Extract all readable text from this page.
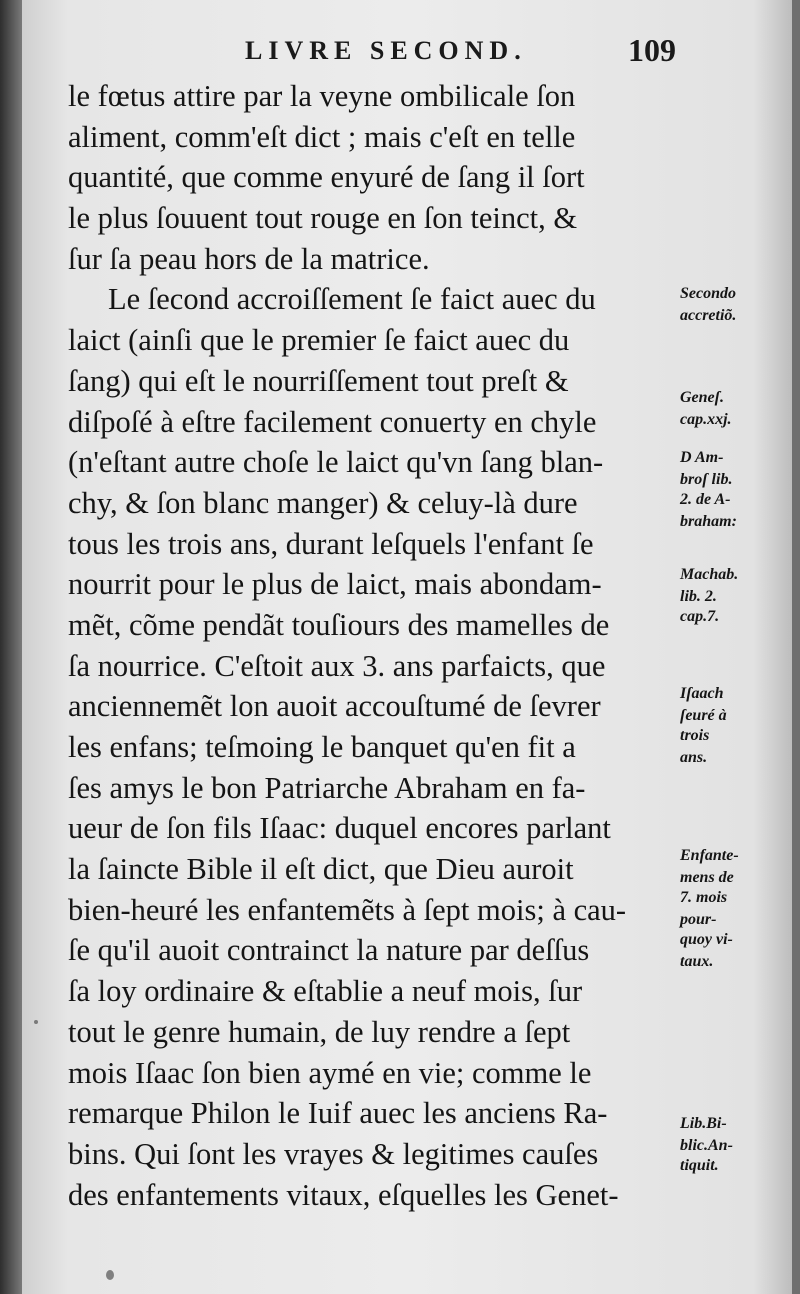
LIVRE SECOND.	109
le fœtus attire par la veyne ombilicale ſon
aliment, comm'eſt dict ; mais c'eſt en telle
quantité, que comme enyuré de ſang il ſort
le plus ſouuent tout rouge en ſon teinct, &
ſur ſa peau hors de la matrice.
Le ſecond accroiſſement ſe faict auec du
laict (ainſi que le premier ſe faict auec du
ſang) qui eſt le nourriſſement tout preſt &
diſpoſé à eſtre facilement conuerty en chyle
(n'eſtant autre choſe le laict qu'vn ſang blan-
chy, & ſon blanc manger) & celuy-là dure
tous les trois ans, durant leſquels l'enfant ſe
nourrit pour le plus de laict, mais abondam-
mẽt, cõme pendãt touſiours des mamelles de
ſa nourrice. C'eſtoit aux 3. ans parfaicts, que
anciennemẽt lon auoit accouſtumé de ſevrer
les enfans; teſmoing le banquet qu'en fit a
ſes amys le bon Patriarche Abraham en fa-
ueur de ſon fils Iſaac: duquel encores parlant
la ſaincte Bible il eſt dict, que Dieu auroit
bien-heuré les enfantemẽts à ſept mois; à cau-
ſe qu'il auoit contrainct la nature par deſſus
ſa loy ordinaire & eſtablie a neuf mois, ſur
tout le genre humain, de luy rendre a ſept
mois Iſaac ſon bien aymé en vie; comme le
remarque Philon le Iuif auec les anciens Ra-
bins. Qui ſont les vrayes & legitimes cauſes
des enfantements vitaux, eſquelles les Genet-
Secondo
accretiõ.
Geneſ.
cap.xxj.
D Am-
broſ lib.
2. de A-
braham:
Machab.
lib. 2.
cap.7.
Iſaach
ſeuré à
trois
ans.
Enfante-
mens de
7. mois
pour-
quoy vi-
taux.
Lib.Bi-
blic.An-
tiquit.
